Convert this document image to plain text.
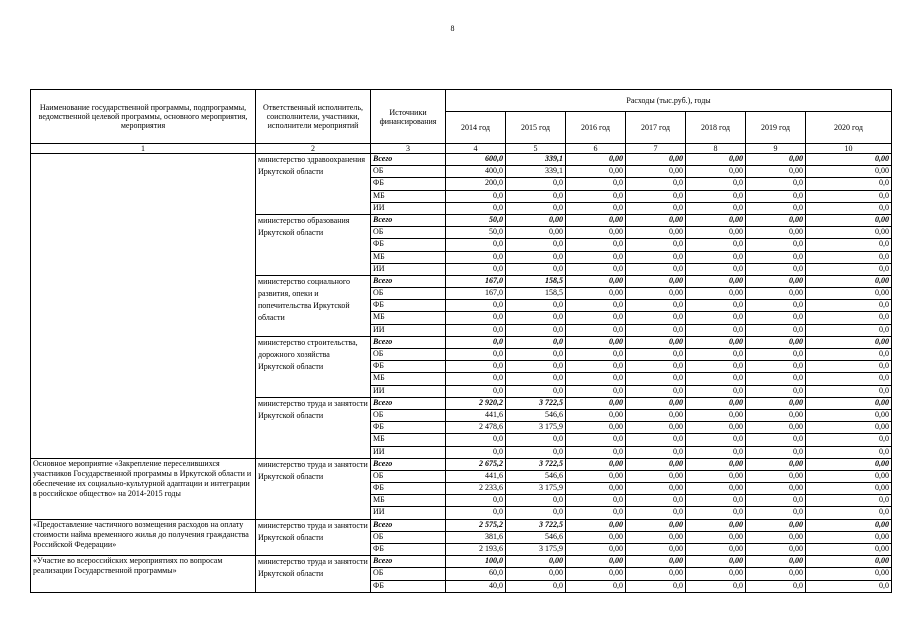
8
Наименование государственной программы, подпрограммы, ведомственной целевой программы, основного мероприятия, мероприятия	Ответственный исполнитель, соисполнители, участники, исполнители мероприятий	Источники финансирования	Расходы (тыс.руб.), годы						
			2014 год	2015 год	2016 год	2017 год	2018 год	2019 год	2020 год
1	2	3	4	5	6	7	8	9	10
	министерство здравоохранения Иркутской области	Всего	600,0	339,1	0,00	0,00	0,00	0,00	0,00
		ОБ	400,0	339,1	0,00	0,00	0,00	0,00	0,00
		ФБ	200,0	0,0	0,0	0,0	0,0	0,0	0,0
		МБ	0,0	0,0	0,0	0,0	0,0	0,0	0,0
		ИИ	0,0	0,0	0,0	0,0	0,0	0,0	0,0
	министерство образования Иркутской области	Всего	50,0	0,00	0,00	0,00	0,00	0,00	0,00
		ОБ	50,0	0,00	0,00	0,00	0,00	0,00	0,00
		ФБ	0,0	0,0	0,0	0,0	0,0	0,0	0,0
		МБ	0,0	0,0	0,0	0,0	0,0	0,0	0,0
		ИИ	0,0	0,0	0,0	0,0	0,0	0,0	0,0
	министерство социального развития, опеки и попечительства Иркутской области	Всего	167,0	158,5	0,00	0,00	0,00	0,00	0,00
		ОБ	167,0	158,5	0,00	0,00	0,00	0,00	0,00
		ФБ	0,0	0,0	0,0	0,0	0,0	0,0	0,0
		МБ	0,0	0,0	0,0	0,0	0,0	0,0	0,0
		ИИ	0,0	0,0	0,0	0,0	0,0	0,0	0,0
	министерство строительства, дорожного хозяйства Иркутской области	Всего	0,0	0,0	0,00	0,00	0,00	0,00	0,00
		ОБ	0,0	0,0	0,0	0,0	0,0	0,0	0,0
		ФБ	0,0	0,0	0,0	0,0	0,0	0,0	0,0
		МБ	0,0	0,0	0,0	0,0	0,0	0,0	0,0
		ИИ	0,0	0,0	0,0	0,0	0,0	0,0	0,0
	министерство труда и занятости Иркутской области	Всего	2 920,2	3 722,5	0,00	0,00	0,00	0,00	0,00
		ОБ	441,6	546,6	0,00	0,00	0,00	0,00	0,00
		ФБ	2 478,6	3 175,9	0,00	0,00	0,00	0,00	0,00
		МБ	0,0	0,0	0,0	0,0	0,0	0,0	0,0
		ИИ	0,0	0,0	0,0	0,0	0,0	0,0	0,0
Основное мероприятие «Закрепление переселившихся участников Государственной программы в Иркутской области и обеспечение их социально-культурной адаптации и интеграции в российское общество» на 2014-2015 годы	министерство труда и занятости Иркутской области	Всего	2 675,2	3 722,5	0,00	0,00	0,00	0,00	0,00
		ОБ	441,6	546,6	0,00	0,00	0,00	0,00	0,00
		ФБ	2 233,6	3 175,9	0,00	0,00	0,00	0,00	0,00
		МБ	0,0	0,0	0,0	0,0	0,0	0,0	0,0
		ИИ	0,0	0,0	0,0	0,0	0,0	0,0	0,0
«Предоставление частичного возмещения расходов на оплату стоимости найма временного жилья до получения гражданства Российской Федерации»	министерство труда и занятости Иркутской области	Всего	2 575,2	3 722,5	0,00	0,00	0,00	0,00	0,00
		ОБ	381,6	546,6	0,00	0,00	0,00	0,00	0,00
		ФБ	2 193,6	3 175,9	0,00	0,00	0,00	0,00	0,00
«Участие во всероссийских мероприятиях по вопросам реализации Государственной программы»	министерство труда и занятости Иркутской области	Всего	100,0	0,00	0,00	0,00	0,00	0,00	0,00
		ОБ	60,0	0,00	0,00	0,00	0,00	0,00	0,00
		ФБ	40,0	0,0	0,0	0,0	0,0	0,0	0,0
